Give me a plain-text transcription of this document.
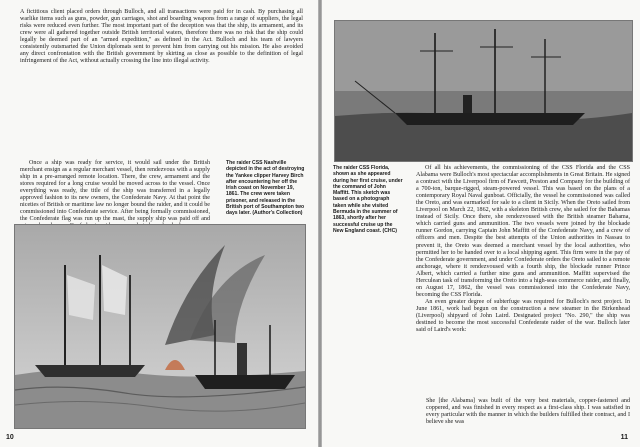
A fictitious client placed orders through Bulloch, and all transactions were paid for in cash. By purchasing all warlike items such as guns, powder, gun carriages, shot and boarding weapons from a range of suppliers, the legal risks were reduced even further. The most important part of the deception was that the ship, its armament, and its crew were all gathered together outside British territorial waters, therefore there was no risk that the ship could legally be deemed part of an "armed expedition," as defined in the Act. Bulloch and his team of lawyers consistently outsmarted the Union diplomats sent to prevent him from carrying out his mission. He also avoided any direct confrontation with the British government by skirting as close as possible to the definition of legal infringement of the Act, without actually crossing the line into illegal activity.

Once a ship was ready for service, it would sail under the British merchant ensign as a regular merchant vessel, then rendezvous with a supply ship in a pre-arranged remote location. There, the crew, armament and the stores required for a long cruise would be moved across to the vessel. Once everything was ready, the title of the ship was transferred in a legally approved fashion to its new owners, the Confederate Navy. At that point the niceties of British or maritime law no longer bound the raider, and it could be commissioned into Confederate service. After being formally commissioned, the Confederate flag was run up the mast, the supply ship was paid off and

The raider CSS Nashville depicted in the act of destroying the Yankee clipper Harvey Birch after encountering her off the Irish coast on November 19, 1861. The crew were taken prisoner, and released in the British port of Southampton two days later. (Author's Collection)

10

The raider CSS Florida, shown as she appeared during her first cruise, under the command of John Maffitt. This sketch was based on a photograph taken while she visited Bermuda in the summer of 1863, shortly after her successful cruise up the New England coast. (CHC)

Of all his achievements, the commissioning of the CSS Florida and the CSS Alabama were Bulloch's most spectacular accomplishments in Great Britain. He signed a contract with the Liverpool firm of Fawcett, Preston and Company for the building of a 700-ton, barque-rigged, steam-powered vessel. This was based on the plans of a contemporary Royal Naval gunboat. Officially, the vessel he commissioned was called the Oreto, and was earmarked for sale to a client in Sicily. When the Oreto sailed from Liverpool on March 22, 1862, with a skeleton British crew, she sailed for the Bahamas instead of Sicily. Once there, she rendezvoused with the British steamer Bahama, which carried guns and ammunition. The two vessels were joined by the blockade runner Gordon, carrying Captain John Maffitt of the Confederate Navy, and a crew of officers and men. Despite the best attempts of the Union authorities in Nassau to prevent it, the Oreto was deemed a merchant vessel by the local authorities, who permitted her to be handed over to a local shipping agent. This firm were in the pay of the Confederate government, and under Confederate orders the Oreto sailed to a remote anchorage, where it rendezvoused with a fourth ship, the blockade runner Prince Albert, which carried a further nine guns and ammunition. Maffitt supervised the Herculean task of transforming the Oreto into a high-seas commerce raider, and finally, on August 17, 1862, the vessel was commissioned into the Confederate Navy, becoming the CSS Florida.

An even greater degree of subterfuge was required for Bulloch's next project. In June 1861, work had begun on the construction a new steamer in the Birkenhead (Liverpool) shipyard of John Laird. Designated project "No. 290," the ship was destined to become the most successful Confederate raider of the war. Bulloch later said of Laird's work:

She [the Alabama] was built of the very best materials, copper-fastened and coppered, and was finished in every respect as a first-class ship. I was satisfied in every particular with the manner in which the builders fulfilled their contract, and I believe she was

11
